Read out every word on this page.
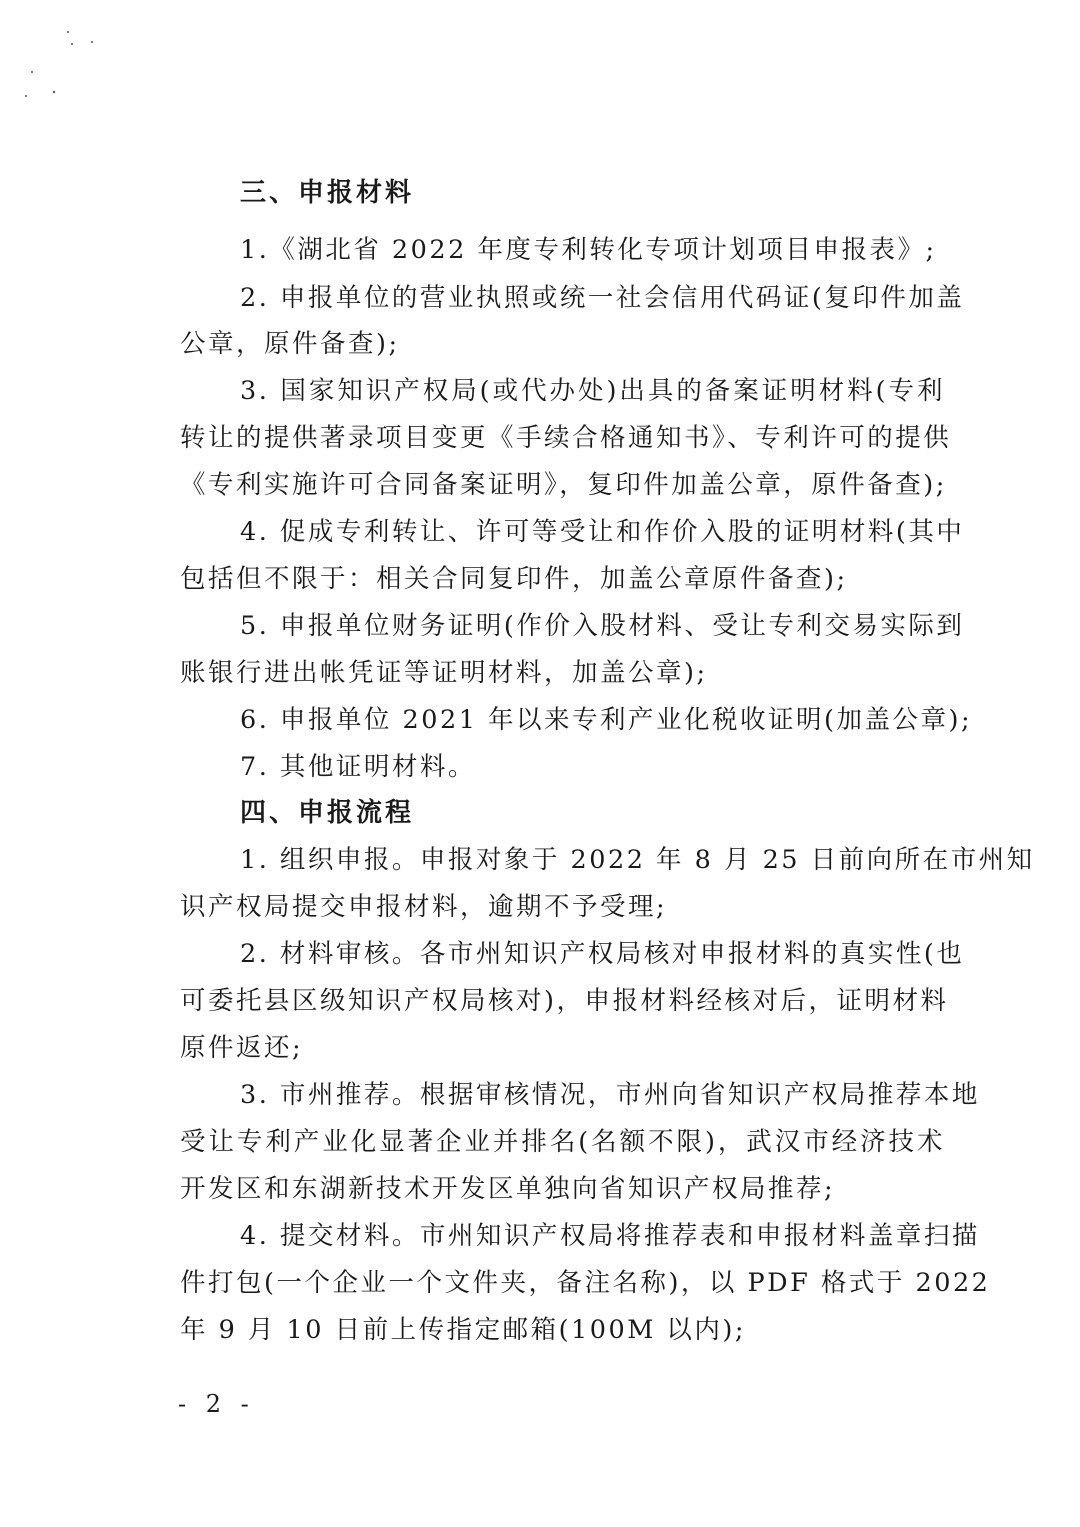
三、申报材料
1.《湖北省 2022 年度专利转化专项计划项目申报表》;
2. 申报单位的营业执照或统一社会信用代码证(复印件加盖
公章，原件备查);
3. 国家知识产权局(或代办处)出具的备案证明材料(专利
转让的提供著录项目变更《手续合格通知书》、专利许可的提供
《专利实施许可合同备案证明》，复印件加盖公章，原件备查);
4. 促成专利转让、许可等受让和作价入股的证明材料(其中
包括但不限于：相关合同复印件，加盖公章原件备查);
5. 申报单位财务证明(作价入股材料、受让专利交易实际到
账银行进出帐凭证等证明材料，加盖公章);
6. 申报单位 2021 年以来专利产业化税收证明(加盖公章);
7. 其他证明材料。
四、申报流程
1. 组织申报。申报对象于 2022 年 8 月 25 日前向所在市州知
识产权局提交申报材料，逾期不予受理;
2. 材料审核。各市州知识产权局核对申报材料的真实性(也
可委托县区级知识产权局核对)，申报材料经核对后，证明材料
原件返还;
3. 市州推荐。根据审核情况，市州向省知识产权局推荐本地
受让专利产业化显著企业并排名(名额不限)，武汉市经济技术
开发区和东湖新技术开发区单独向省知识产权局推荐;
4. 提交材料。市州知识产权局将推荐表和申报材料盖章扫描
件打包(一个企业一个文件夹，备注名称)，以 PDF 格式于 2022
年 9 月 10 日前上传指定邮箱(100M 以内);
- 2 -
